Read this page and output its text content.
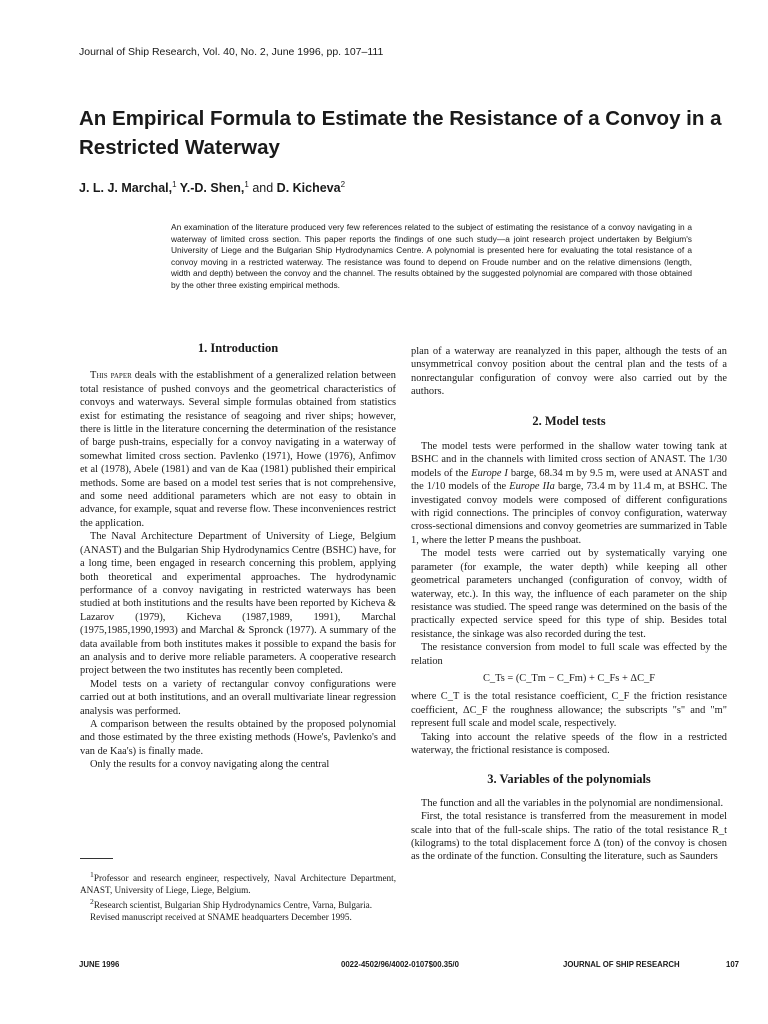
Journal of Ship Research, Vol. 40, No. 2, June 1996, pp. 107–111
An Empirical Formula to Estimate the Resistance of a Convoy in a Restricted Waterway
J. L. J. Marchal,$^1$ Y.-D. Shen,$^1$ and D. Kicheva$^2$

An examination of the literature produced very few references related to the subject of estimating the resistance of a convoy navigating in a waterway of limited cross section. This paper reports the findings of one such study—a joint research project undertaken by Belgium's University of Liege and the Bulgarian Ship Hydrodynamics Centre. A polynomial is presented here for evaluating the total resistance of a convoy moving in a restricted waterway. The resistance was found to depend on Froude number and on the relative dimensions (length, width and depth) between the convoy and the channel. The results obtained by the suggested polynomial are compared with those obtained by the other three existing empirical methods.

1. Introduction

This paper deals with the establishment of a generalized relation between total resistance of pushed convoys and the geometrical characteristics of convoys and waterways. Several simple formulas obtained from statistics exist for estimating the resistance of seagoing and river ships; however, there is little in the literature concerning the determination of the resistance of barge push-trains, especially for a convoy navigating in a waterway of somewhat limited cross section. Pavlenko (1971), Howe (1976), Anfimov et al (1978), Abele (1981) and van de Kaa (1981) published their empirical methods. Some are based on a model test series that is not comprehensive, and some need additional parameters which are not easy to obtain in advance, for example, squat and reverse flow. These inconveniences restrict the application.

The Naval Architecture Department of University of Liege, Belgium (ANAST) and the Bulgarian Ship Hydrodynamics Centre (BSHC) have, for a long time, been engaged in research concerning this problem, applying both theoretical and experimental approaches. The hydrodynamic performance of a convoy navigating in restricted waterways has been studied at both institutions and the results have been reported by Kicheva & Lazarov (1979), Kicheva (1987,1989, 1991), Marchal (1975,1985,1990,1993) and Marchal & Spronck (1977). A summary of the data available from both institutes makes it possible to expand the basis for an analysis and to derive more reliable parameters. A cooperative research project between the two institutes has recently been completed.

Model tests on a variety of rectangular convoy configurations were carried out at both institutions, and an overall multivariate linear regression analysis was performed.

A comparison between the results obtained by the proposed polynomial and those estimated by the three existing methods (Howe's, Pavlenko's and van de Kaa's) is finally made.

Only the results for a convoy navigating along the central

plan of a waterway are reanalyzed in this paper, although the tests of an unsymmetrical convoy position about the central plan and the tests of a nonrectangular configuration of convoy were also carried out by the authors.

2. Model tests

The model tests were performed in the shallow water towing tank at BSHC and in the channels with limited cross section of ANAST. The 1/30 models of the Europe I barge, 68.34 m by 9.5 m, were used at ANAST and the 1/10 models of the Europe IIa barge, 73.4 m by 11.4 m, at BSHC. The investigated convoy models were composed of different configurations with rigid connections. The principles of convoy configuration, waterway cross-sectional dimensions and convoy geometries are summarized in Table 1, where the letter P means the pushboat.

The model tests were carried out by systematically varying one parameter (for example, the water depth) while keeping all other geometrical parameters unchanged (configuration of convoy, width of waterway, etc.). In this way, the influence of each parameter on the ship resistance was studied. The speed range was determined on the basis of the practically expected service speed for this type of ship. Besides total resistance, the sinkage was also recorded during the test.

The resistance conversion from model to full scale was effected by the relation

C_Ts = (C_Tm − C_Fm) + C_Fs + ΔC_F

where C_T is the total resistance coefficient, C_F the friction resistance coefficient, ΔC_F the roughness allowance; the subscripts "s" and "m" represent full scale and model scale, respectively.

Taking into account the relative speeds of the flow in a restricted waterway, the frictional resistance is composed.

3. Variables of the polynomials

The function and all the variables in the polynomial are nondimensional.

First, the total resistance is transferred from the measurement in model scale into that of the full-scale ships. The ratio of the total resistance R_t (kilograms) to the total displacement force Δ (ton) of the convoy is chosen as the ordinate of the function. Consulting the literature, such as Saunders

$^1$Professor and research engineer, respectively, Naval Architecture Department, ANAST, University of Liege, Liege, Belgium.

$^2$Research scientist, Bulgarian Ship Hydrodynamics Centre, Varna, Bulgaria.

Revised manuscript received at SNAME headquarters December 1995.

JUNE 1996	0022-4502/96/4002-0107$00.35/0	JOURNAL OF SHIP RESEARCH	107
